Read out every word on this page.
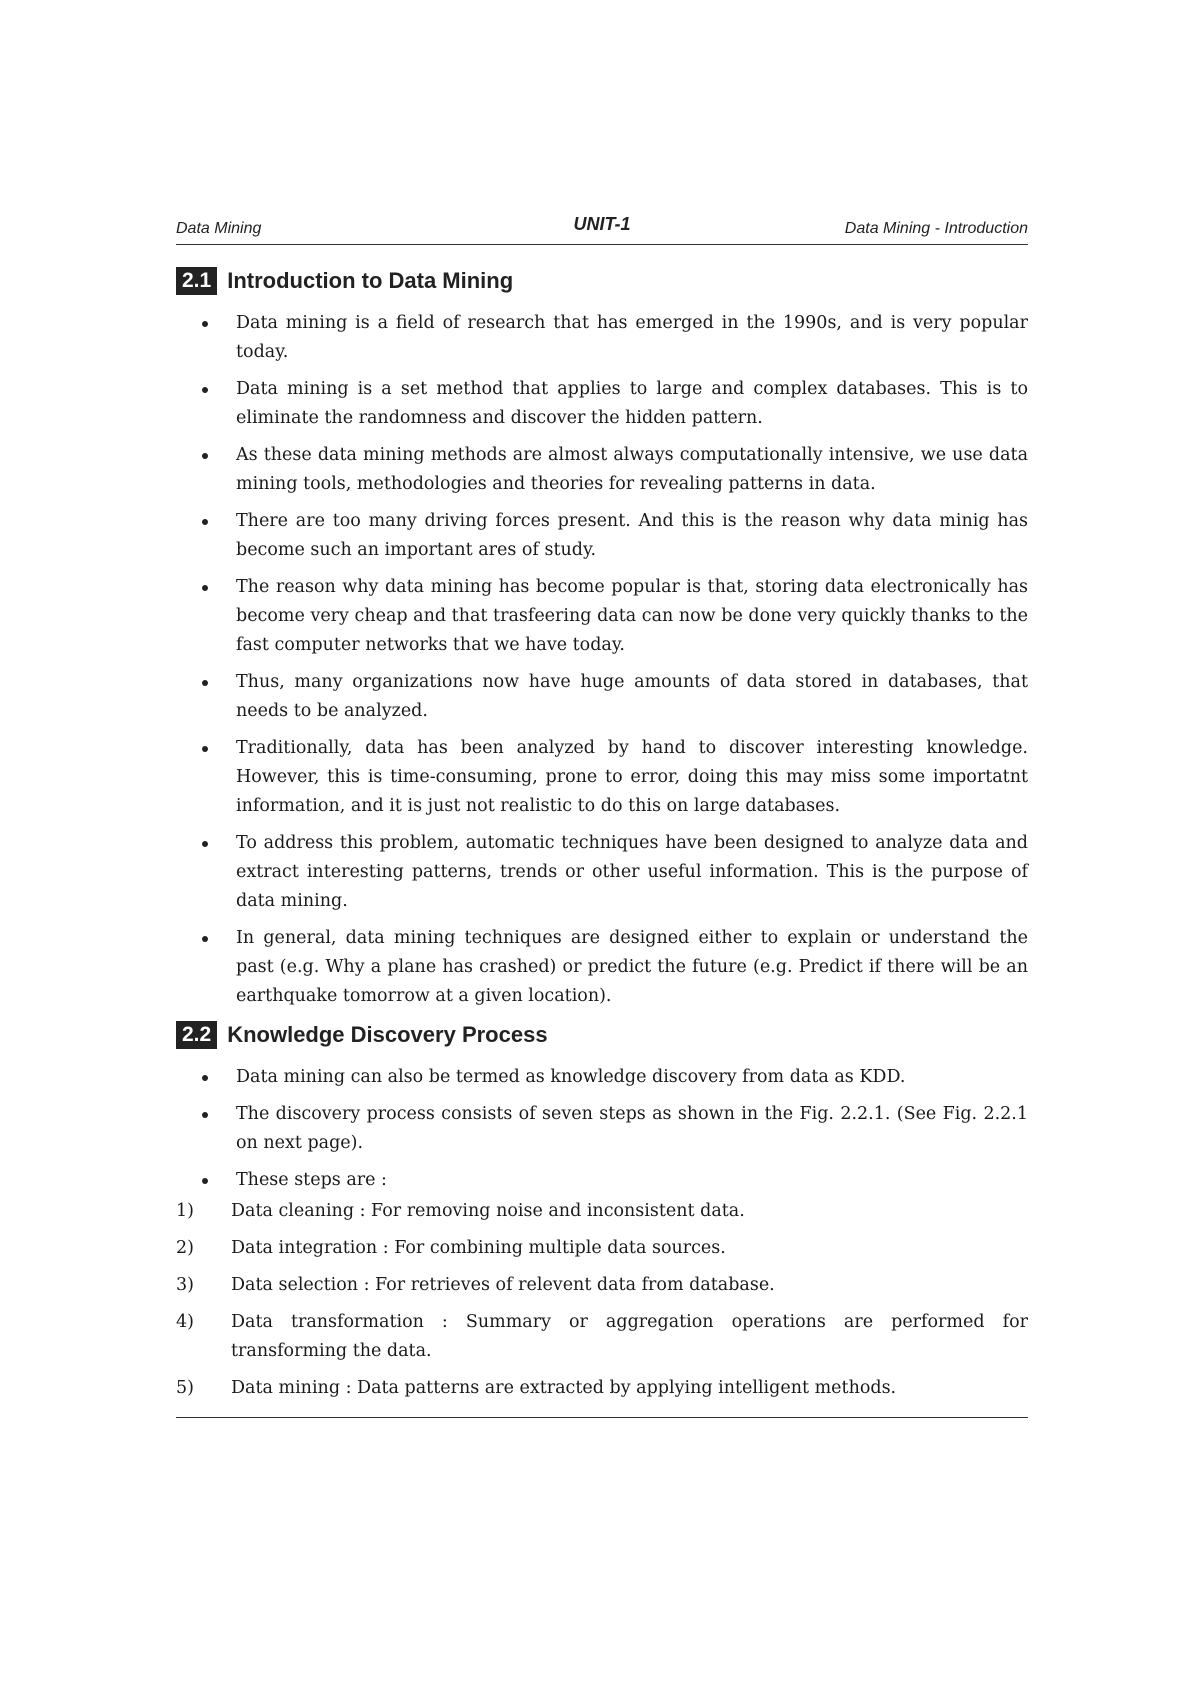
Data Mining	UNIT-1	Data Mining - Introduction
2.1 Introduction to Data Mining
Data mining is a field of research that has emerged in the 1990s, and is very popular today.
Data mining is a set method that applies to large and complex databases. This is to eliminate the randomness and discover the hidden pattern.
As these data mining methods are almost always computationally intensive, we use data mining tools, methodologies and theories for revealing patterns in data.
There are too many driving forces present. And this is the reason why data minig has become such an important ares of study.
The reason why data mining has become popular is that, storing data electronically has become very cheap and that trasfeering data can now be done very quickly thanks to the fast computer networks that we have today.
Thus, many organizations now have huge amounts of data stored in databases, that needs to be analyzed.
Traditionally, data has been analyzed by hand to discover interesting knowledge. However, this is time-consuming, prone to error, doing this may miss some importatnt information, and it is just not realistic to do this on large databases.
To address this problem, automatic techniques have been designed to analyze data and extract interesting patterns, trends or other useful information. This is the purpose of data mining.
In general, data mining techniques are designed either to explain or understand the past (e.g. Why a plane has crashed) or predict the future (e.g. Predict if there will be an earthquake tomorrow at a given location).
2.2 Knowledge Discovery Process
Data mining can also be termed as knowledge discovery from data as KDD.
The discovery process consists of seven steps as shown in the Fig. 2.2.1. (See Fig. 2.2.1 on next page).
These steps are :
1) Data cleaning : For removing noise and inconsistent data.
2) Data integration : For combining multiple data sources.
3) Data selection : For retrieves of relevent data from database.
4) Data transformation : Summary or aggregation operations are performed for transforming the data.
5) Data mining : Data patterns are extracted by applying intelligent methods.
